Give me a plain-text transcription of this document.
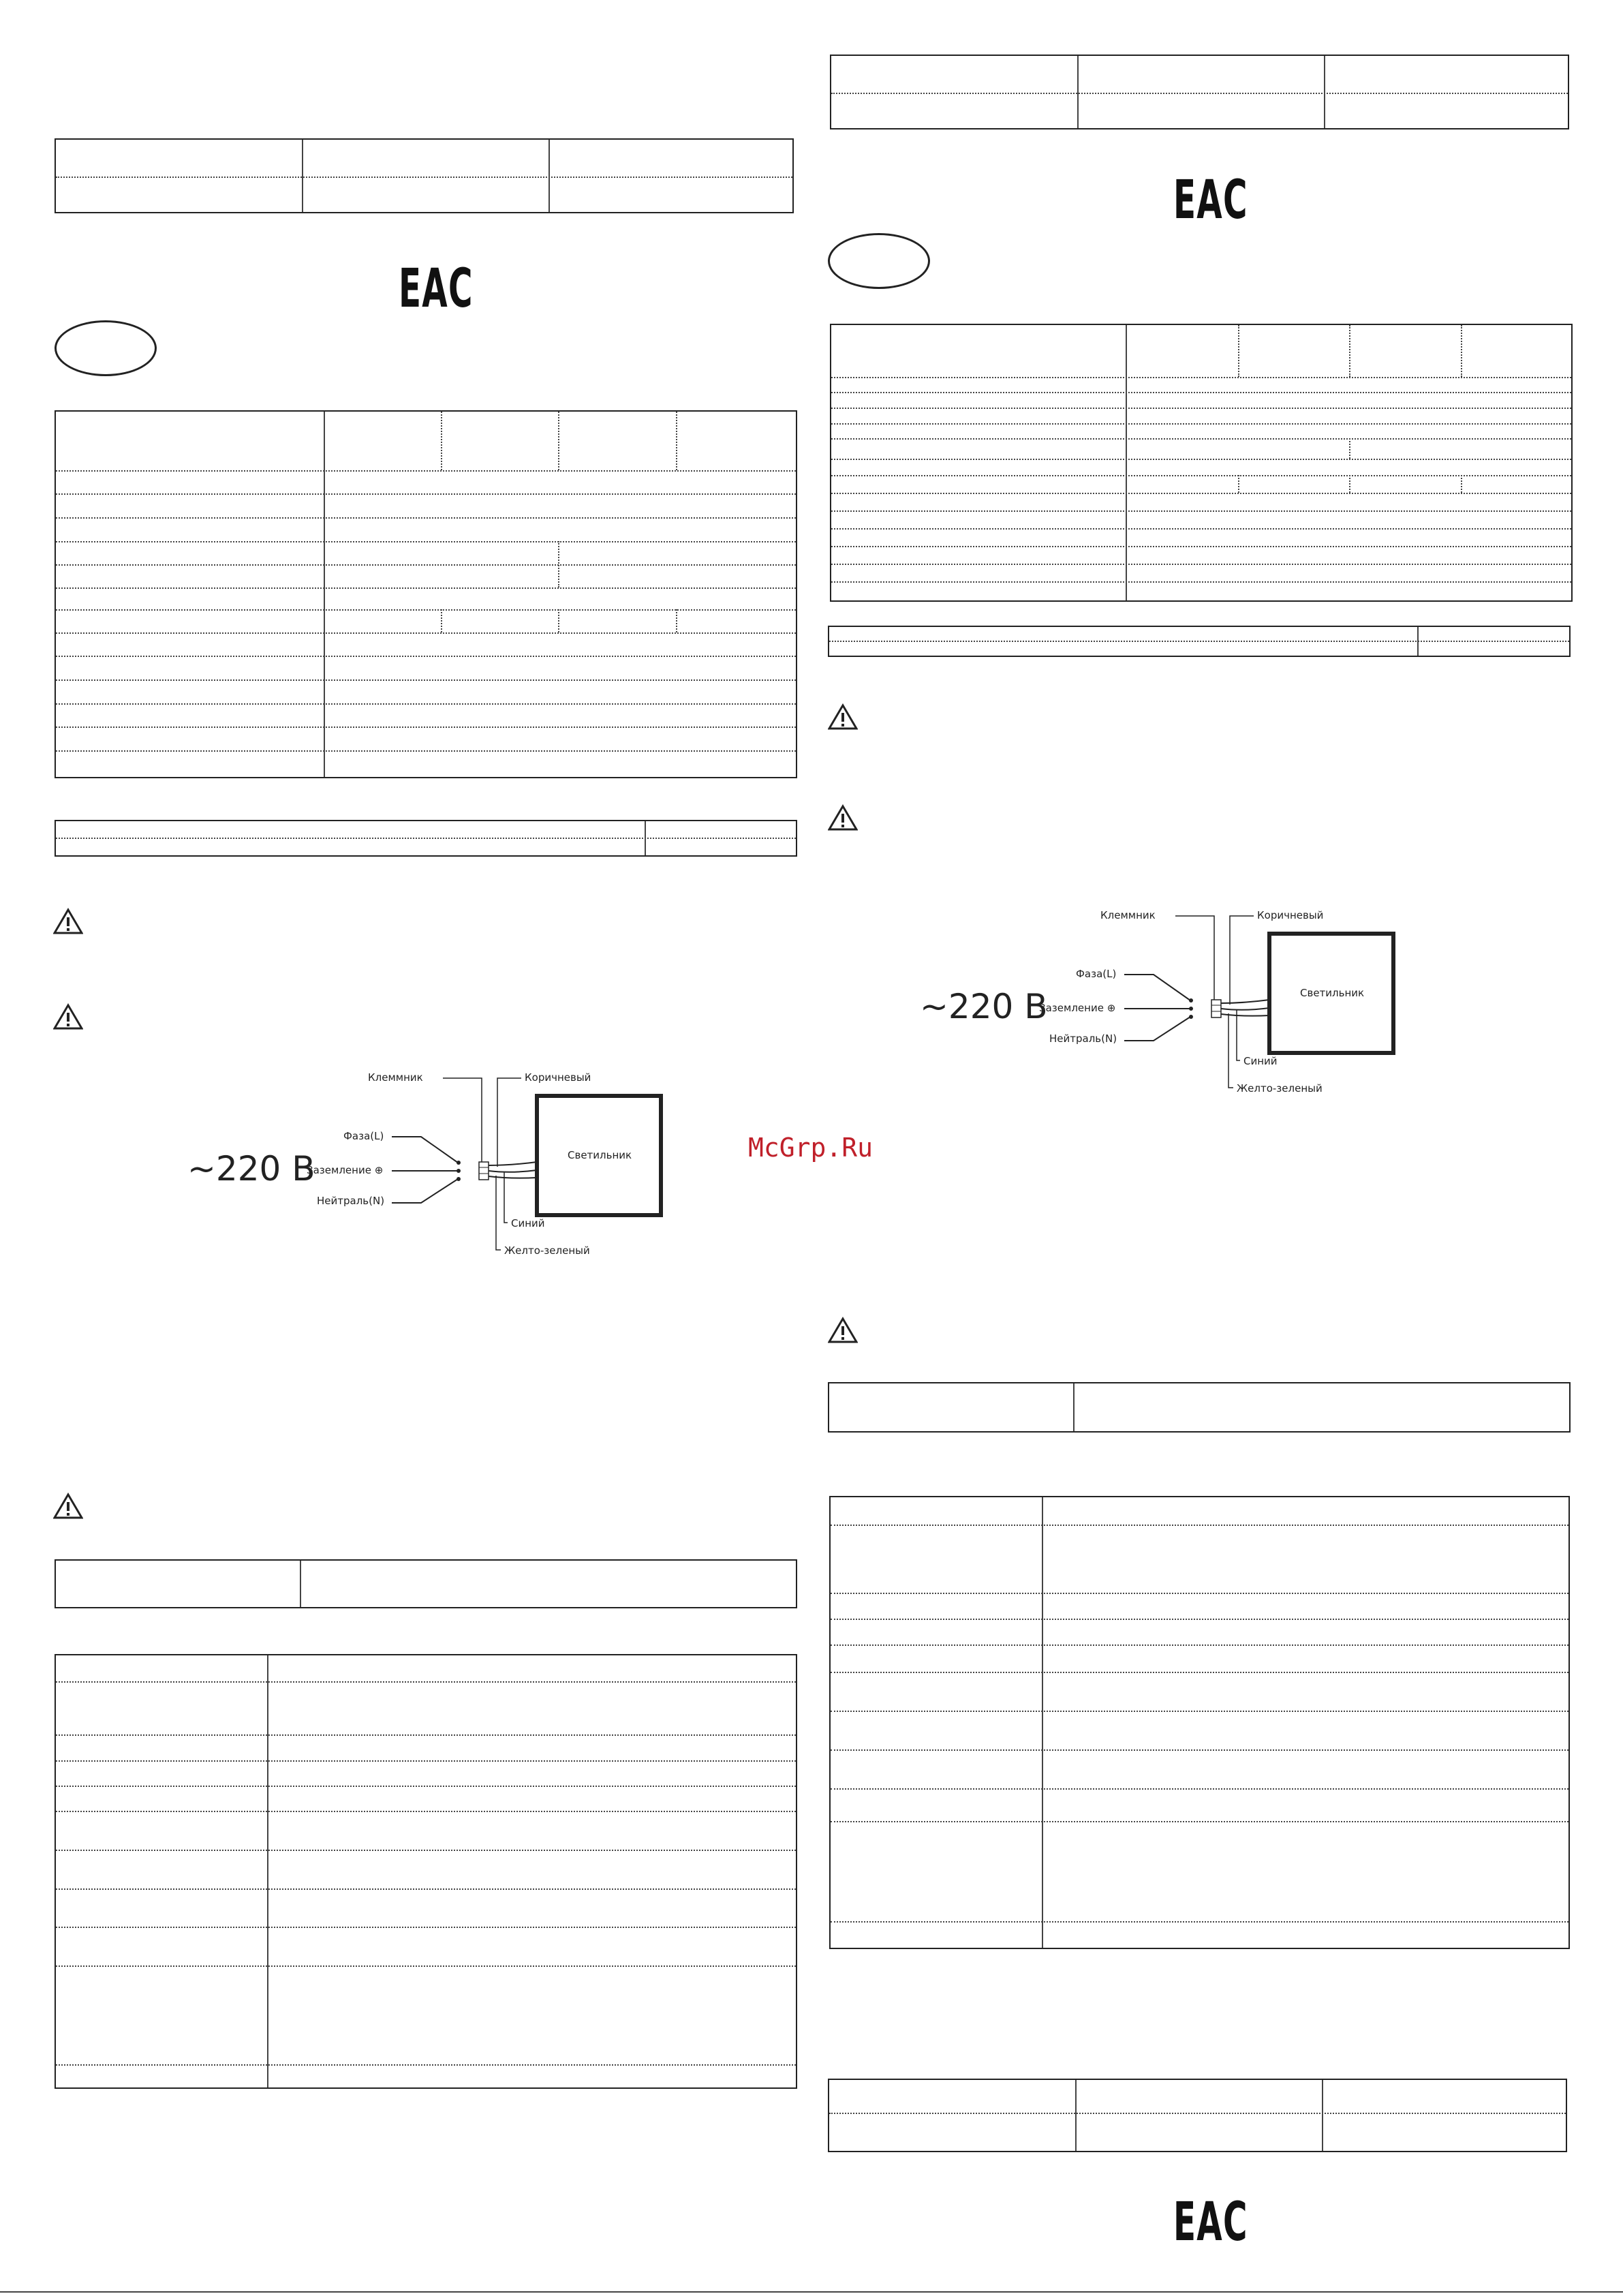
EAC
Клеммник	Коричневый
Фаза(L)
Заземление ⊕
Нейтраль(N)
~220 В	Светильник
Синий
Желто-зеленый
EAC
Клеммник	Коричневый
Фаза(L)
Заземление ⊕
Нейтраль(N)
~220 В	Светильник
Синий
Желто-зеленый
McGrp.Ru
EAC
